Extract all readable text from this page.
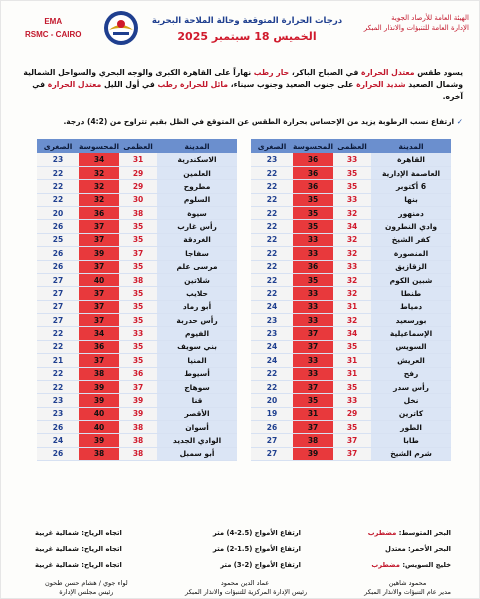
EMA
RSMC - CAIRO
درجات الحرارة المتوقعة وحالة الملاحة البحرية
الخميس 18 سبتمبر 2025
الهيئة العامة للأرصاد الجوية
الإدارة العامة للتنبؤات والانذار المبكر
يسود طقس معتدل الحرارة في الصباح الباكر، حار رطب نهاراً على القاهرة الكبرى والوجه البحري والسواحل الشمالية وشمال الصعيد شديد الحرارة على جنوب الصعيد وجنوب سيناء، مائل للحرارة رطب في أول الليل معتدل الحرارة في آخره.
✓ ارتفاع نسب الرطوبة يزيد من الإحساس بحرارة الطقس عن المتوقع في الظل بقيم تتراوح من (4:2) درجة.
المدينة	العظمى	المحسوسة	الصغرى
القاهرة	33	36	23
العاصمة الإدارية	35	36	22
6 أكتوبر	35	36	22
بنها	33	35	22
دمنهور	32	35	22
وادي النطرون	34	35	22
كفر الشيخ	32	33	22
المنصورة	32	33	22
الزقازيق	33	36	22
شبين الكوم	32	35	22
طنطا	32	33	22
دمياط	31	33	24
بورسعيد	32	33	23
الإسماعيلية	34	37	23
السويس	35	37	24
العريش	31	33	24
رفح	31	33	22
رأس سدر	35	37	22
نخل	33	35	20
كاترين	29	31	19
الطور	35	37	26
طابا	37	38	27
شرم الشيخ	37	39	27
المدينة	العظمى	المحسوسة	الصغرى
الاسكندرية	31	34	23
العلمين	29	32	22
مطروح	29	32	22
السلوم	30	32	22
سيوة	38	36	20
رأس غارب	35	37	26
الغردقة	35	37	25
سفاجا	37	39	26
مرسى علم	35	37	26
شلاتين	38	40	27
حلايب	35	37	27
أبو رماد	35	37	27
رأس حدربة	35	37	27
الفيوم	33	34	22
بني سويف	35	36	22
المنيا	35	37	21
أسيوط	36	38	22
سوهاج	37	39	22
قنا	39	39	23
الأقصر	39	40	23
أسوان	38	40	26
الوادي الجديد	38	39	24
أبو سمبل	38	38	26
البحر المتوسط: مضطرب
ارتفاع الأمواج (2.5-4) متر
اتجاه الرياح: شمالية غربية
البحر الأحمر: معتدل
ارتفاع الأمواج (1.5-2) متر
اتجاه الرياح: شمالية غربية
خليج السويس: مضطرب
ارتفاع الأمواج (2-3) متر
اتجاه الرياح: شمالية غربية
محمود شاهين
مدير عام التنبؤات والانذار المبكر
عماد الدين محمود
رئيس الإدارة المركزية للتنبؤات والانذار المبكر
لواء جوي / هشام حسن طحون
رئيس مجلس الإدارة
